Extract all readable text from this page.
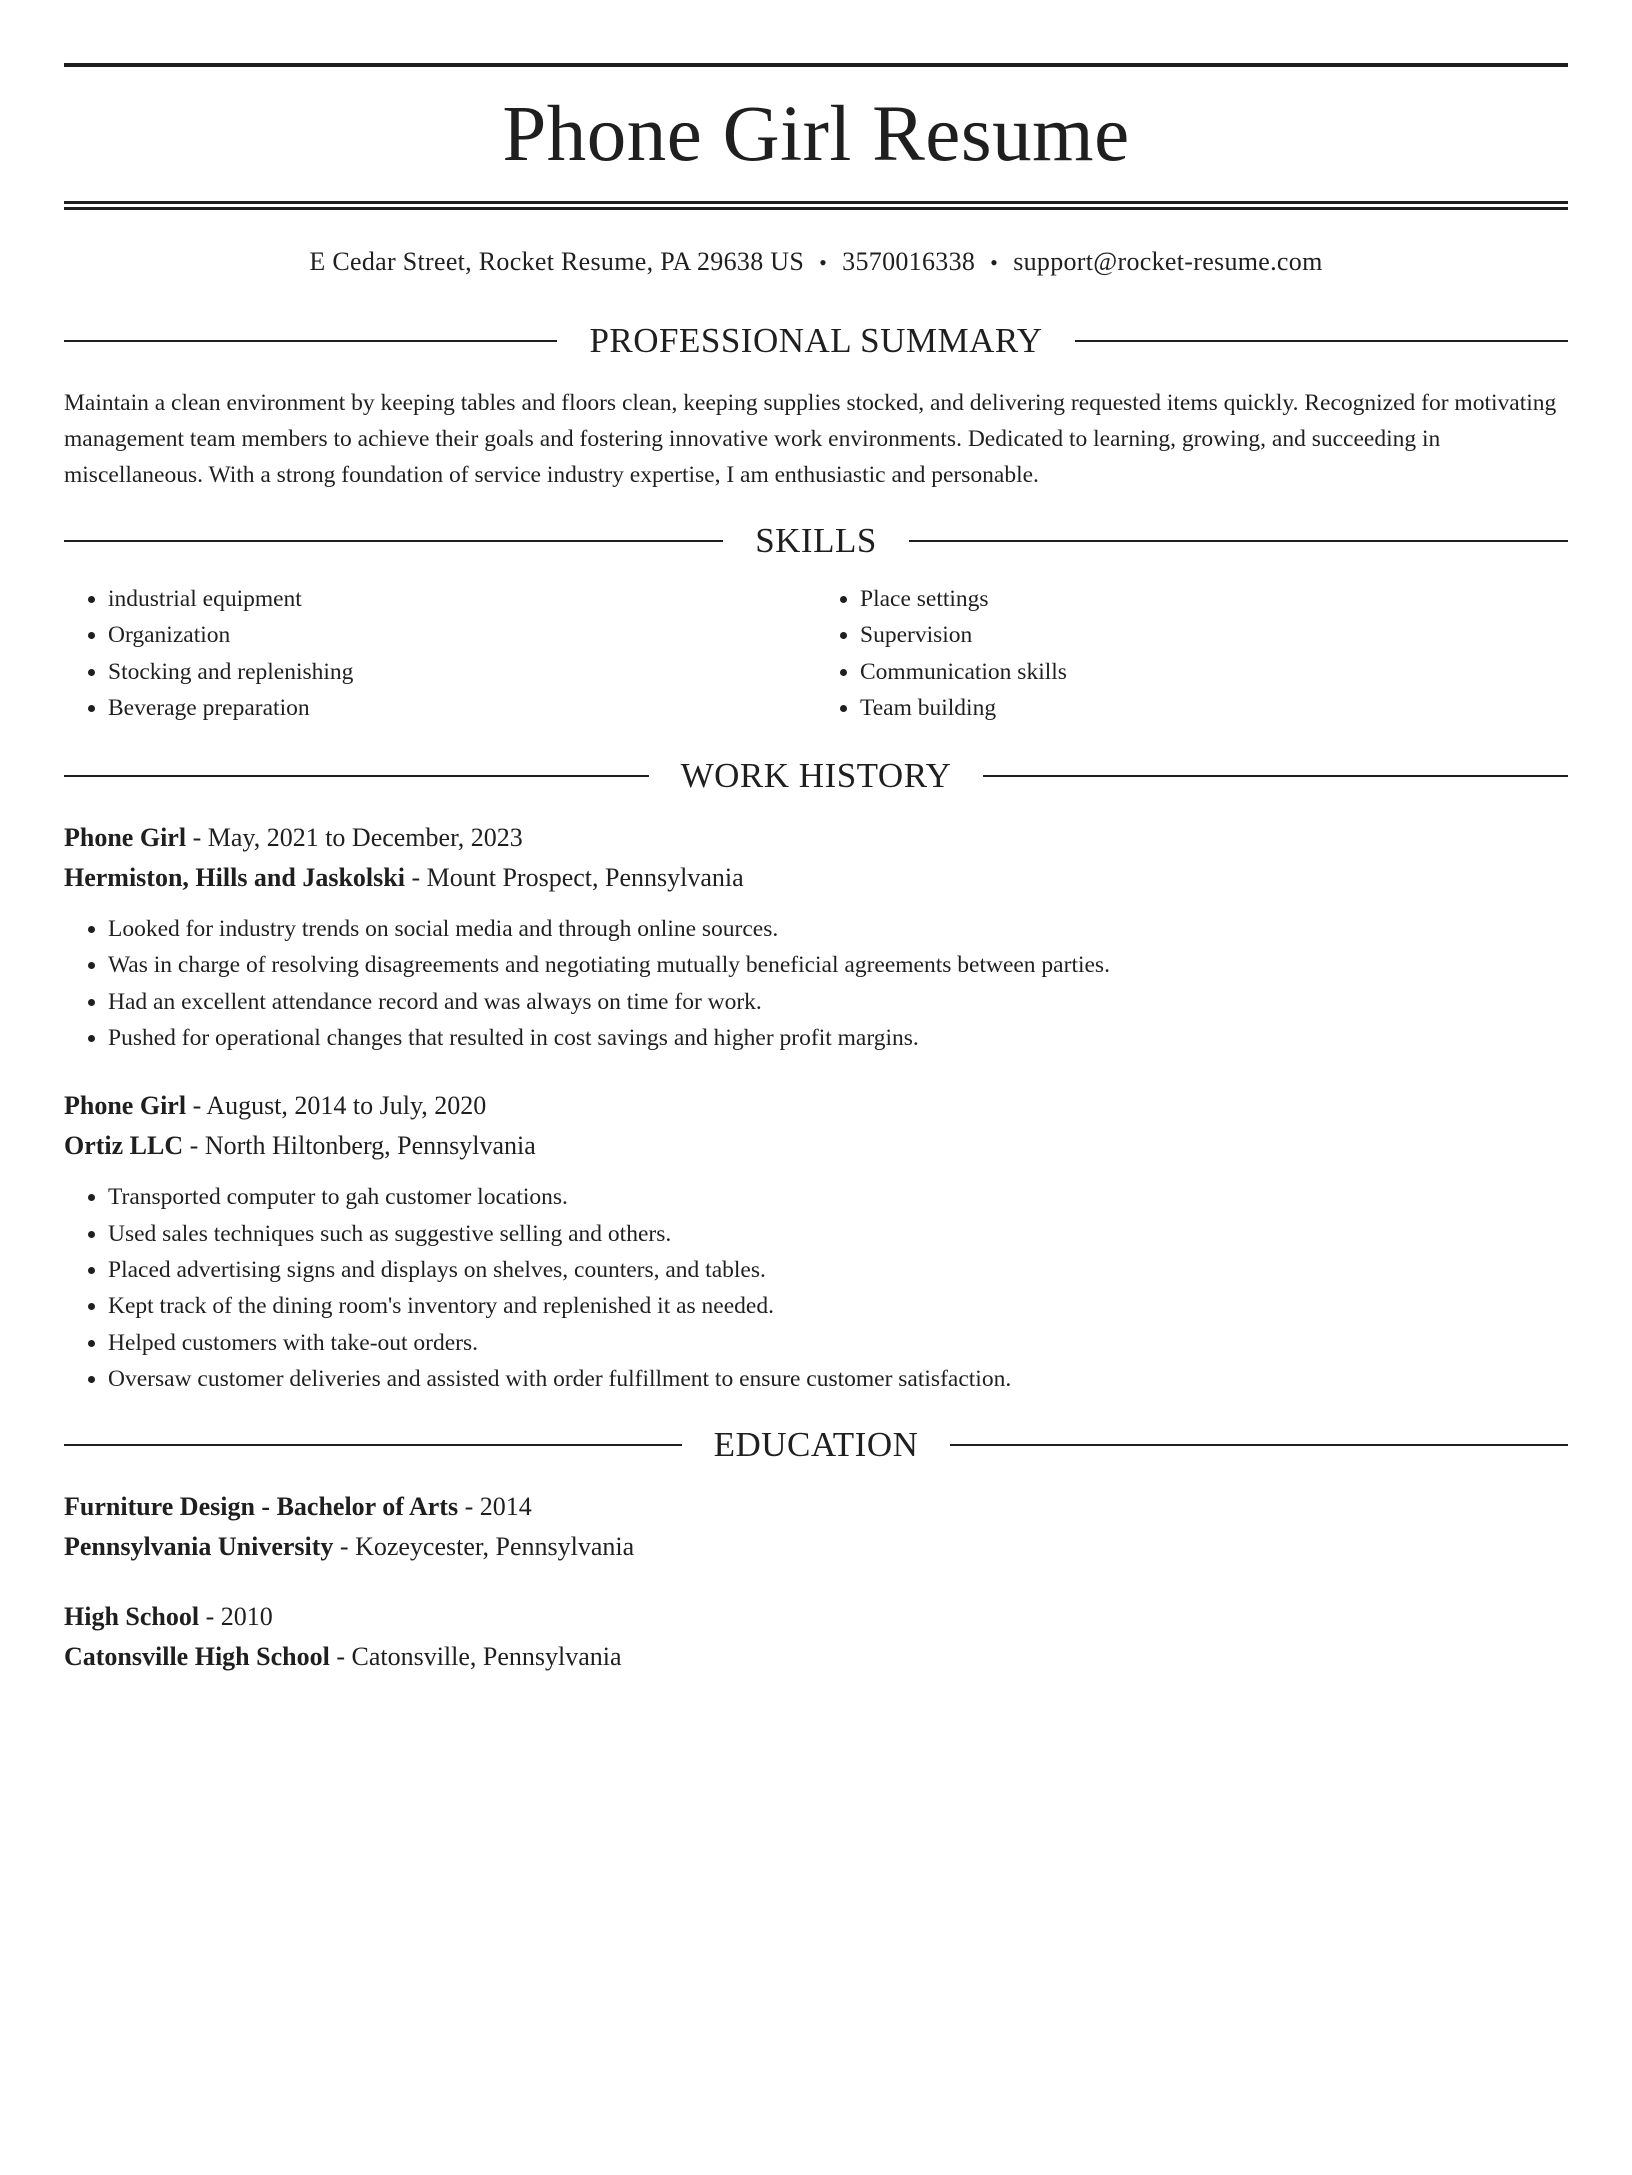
Phone Girl Resume
E Cedar Street, Rocket Resume, PA 29638 US • 3570016338 • support@rocket-resume.com
PROFESSIONAL SUMMARY

Maintain a clean environment by keeping tables and floors clean, keeping supplies stocked, and delivering requested items quickly. Recognized for motivating management team members to achieve their goals and fostering innovative work environments. Dedicated to learning, growing, and succeeding in miscellaneous. With a strong foundation of service industry expertise, I am enthusiastic and personable.

SKILLS
• industrial equipment
• Organization
• Stocking and replenishing
• Beverage preparation
• Place settings
• Supervision
• Communication skills
• Team building
WORK HISTORY
Phone Girl - May, 2021 to December, 2023
Hermiston, Hills and Jaskolski - Mount Prospect, Pennsylvania
• Looked for industry trends on social media and through online sources.
• Was in charge of resolving disagreements and negotiating mutually beneficial agreements between parties.
• Had an excellent attendance record and was always on time for work.
• Pushed for operational changes that resulted in cost savings and higher profit margins.
Phone Girl - August, 2014 to July, 2020
Ortiz LLC - North Hiltonberg, Pennsylvania
• Transported computer to gah customer locations.
• Used sales techniques such as suggestive selling and others.
• Placed advertising signs and displays on shelves, counters, and tables.
• Kept track of the dining room's inventory and replenished it as needed.
• Helped customers with take-out orders.
• Oversaw customer deliveries and assisted with order fulfillment to ensure customer satisfaction.
EDUCATION
Furniture Design - Bachelor of Arts - 2014
Pennsylvania University - Kozeycester, Pennsylvania
High School - 2010
Catonsville High School - Catonsville, Pennsylvania
